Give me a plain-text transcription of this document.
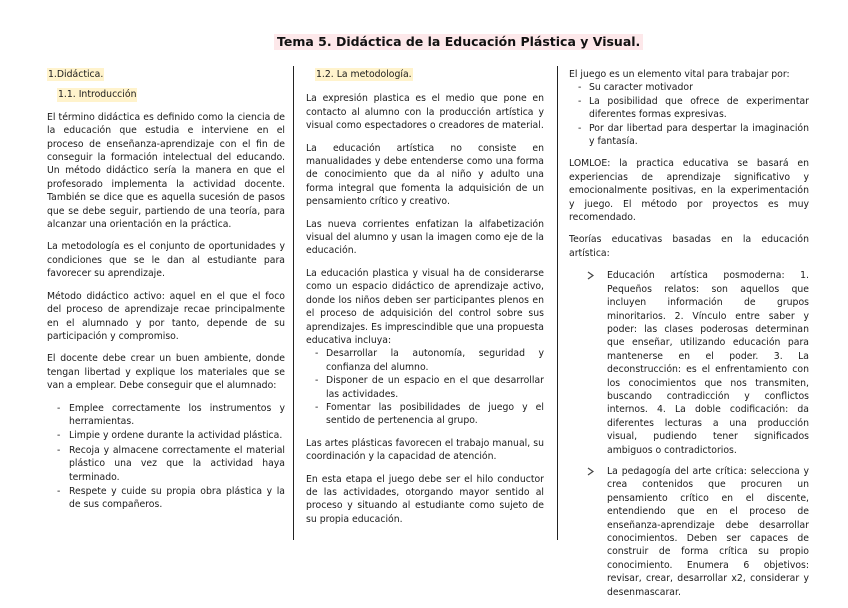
Tema 5. Didáctica de la Educación Plástica y Visual.
1.Didáctica.
1.1. Introducción

El término didáctica es definido como la ciencia de la educación que estudia e interviene en el proceso de enseñanza-aprendizaje con el fin de conseguir la formación intelectual del educando. Un método didáctico sería la manera en que el profesorado implementa la actividad docente. También se dice que es aquella sucesión de pasos que se debe seguir, partiendo de una teoría, para alcanzar una orientación en la práctica.

La metodología es el conjunto de oportunidades y condiciones que se le dan al estudiante para favorecer su aprendizaje.

Método didáctico activo: aquel en el que el foco del proceso de aprendizaje recae principalmente en el alumnado y por tanto, depende de su participación y compromiso.

El docente debe crear un buen ambiente, donde tengan libertad y explique los materiales que se van a emplear. Debe conseguir que el alumnado:

- Emplee correctamente los instrumentos y herramientas.
- Limpie y ordene durante la actividad plástica.
- Recoja y almacene correctamente el material plástico una vez que la actividad haya terminado.
- Respete y cuide su propia obra plástica y la de sus compañeros.
1.2. La metodología.

La expresión plastica es el medio que pone en contacto al alumno con la producción artística y visual como espectadores o creadores de material.

La educación artística no consiste en manualidades y debe entenderse como una forma de conocimiento que da al niño y adulto una forma integral que fomenta la adquisición de un pensamiento crítico y creativo.

Las nueva corrientes enfatizan la alfabetización visual del alumno y usan la imagen como eje de la educación.

La educación plastica y visual ha de considerarse como un espacio didáctico de aprendizaje activo, donde los niños deben ser participantes plenos en el proceso de adquisición del control sobre sus aprendizajes. Es imprescindible que una propuesta educativa incluya:

- Desarrollar la autonomía, seguridad y confianza del alumno.
- Disponer de un espacio en el que desarrollar las actividades.
- Fomentar las posibilidades de juego y el sentido de pertenencia al grupo.

Las artes plásticas favorecen el trabajo manual, su coordinación y la capacidad de atención.

En esta etapa el juego debe ser el hilo conductor de las actividades, otorgando mayor sentido al proceso y situando al estudiante como sujeto de su propia educación.

El juego es un elemento vital para trabajar por:

- Su caracter motivador
- La posibilidad que ofrece de experimentar diferentes formas expresivas.
- Por dar libertad para despertar la imaginación y fantasía.

LOMLOE: la practica educativa se basará en experiencias de aprendizaje significativo y emocionalmente positivas, en la experimentación y juego. El método por proyectos es muy recomendado.

Teorías educativas basadas en la educación artística:

Educación artística posmoderna: 1. Pequeños relatos: son aquellos que incluyen información de grupos minoritarios. 2. Vínculo entre saber y poder: las clases poderosas determinan que enseñar, utilizando educación para mantenerse en el poder. 3. La deconstrucción: es el enfrentamiento con los conocimientos que nos transmiten, buscando contradicción y conflictos internos. 4. La doble codificación: da diferentes lecturas a una producción visual, pudiendo tener significados ambiguos o contradictorios.
La pedagogía del arte crítica: selecciona y crea contenidos que procuren un pensamiento crítico en el discente, entendiendo que en el proceso de enseñanza-aprendizaje debe desarrollar conocimientos. Deben ser capaces de construir de forma crítica su propio conocimiento. Enumera 6 objetivos: revisar, crear, desarrollar x2, considerar y desenmascarar.
